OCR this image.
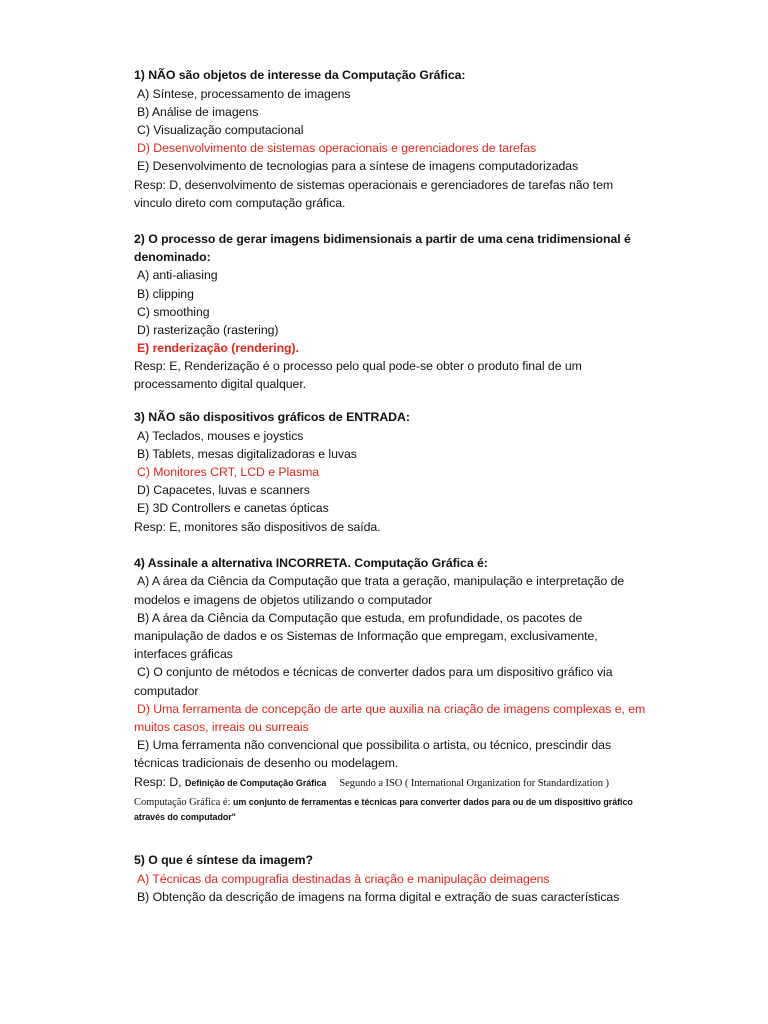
1) NÃO são objetos de interesse da Computação Gráfica:
A) Síntese, processamento de imagens
B) Análise de imagens
C) Visualização computacional
D) Desenvolvimento de sistemas operacionais e gerenciadores de tarefas
E) Desenvolvimento de tecnologias para a síntese de imagens computadorizadas
Resp: D, desenvolvimento de sistemas operacionais e gerenciadores de tarefas não tem
vinculo direto com computação gráfica.
2) O processo de gerar imagens bidimensionais a partir de uma cena tridimensional é
denominado:
A) anti-aliasing
B) clipping
C) smoothing
D) rasterização (rastering)
E) renderização (rendering).
Resp: E, Renderização é o processo pelo qual pode-se obter o produto final de um
processamento digital qualquer.
3) NÃO são dispositivos gráficos de ENTRADA:
A) Teclados, mouses e joystics
B) Tablets, mesas digitalizadoras e luvas
C) Monitores CRT, LCD e Plasma
D) Capacetes, luvas e scanners
E) 3D Controllers e canetas ópticas
Resp: E, monitores são dispositivos de saída.
4) Assinale a alternativa INCORRETA. Computação Gráfica é:
A) A área da Ciência da Computação que trata a geração, manipulação e interpretação de
modelos e imagens de objetos utilizando o computador
B) A área da Ciência da Computação que estuda, em profundidade, os pacotes de
manipulação de dados e os Sistemas de Informação que empregam, exclusivamente,
interfaces gráficas
C) O conjunto de métodos e técnicas de converter dados para um dispositivo gráfico via
computador
D) Uma ferramenta de concepção de arte que auxilia na criação de imagens complexas e, em
muitos casos, irreais ou surreais
E) Uma ferramenta não convencional que possibilita o artista, ou técnico, prescindir das
técnicas tradicionais de desenho ou modelagem.
Resp: D, Definição de Computação Gráfica Segundo a ISO ( International Organization for Standardization )
Computação Gráfica é: um conjunto de ferramentas e técnicas para converter dados para ou de um dispositivo gráfico
através do computador"
5) O que é síntese da imagem?
A) Técnicas da compugrafia destinadas à criação e manipulação deimagens
B) Obtenção da descrição de imagens na forma digital e extração de suas características
